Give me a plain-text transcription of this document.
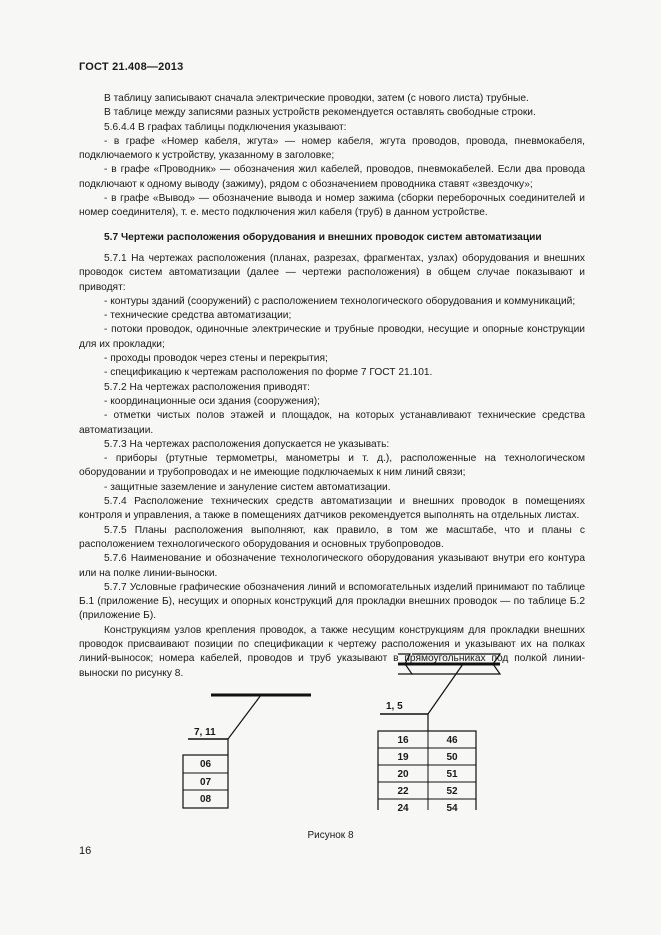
ГОСТ 21.408—2013

В таблицу записывают сначала электрические проводки, затем (с нового листа) трубные.

В таблице между записями разных устройств рекомендуется оставлять свободные строки.

5.6.4.4 В графах таблицы подключения указывают:

- в графе «Номер кабеля, жгута» — номер кабеля, жгута проводов, провода, пневмокабеля, подключаемого к устройству, указанному в заголовке;

- в графе «Проводник» — обозначения жил кабелей, проводов, пневмокабелей. Если два провода подключают к одному выводу (зажиму), рядом с обозначением проводника ставят «звездочку»;

- в графе «Вывод» — обозначение вывода и номер зажима (сборки переборочных соединителей и номер соединителя), т. е. место подключения жил кабеля (труб) в данном устройстве.

5.7 Чертежи расположения оборудования и внешних проводок систем автоматизации

5.7.1 На чертежах расположения (планах, разрезах, фрагментах, узлах) оборудования и внешних проводок систем автоматизации (далее — чертежи расположения) в общем случае показывают и приводят:

- контуры зданий (сооружений) с расположением технологического оборудования и коммуникаций;

- технические средства автоматизации;

- потоки проводок, одиночные электрические и трубные проводки, несущие и опорные конструкции для их прокладки;

- проходы проводок через стены и перекрытия;

- спецификацию к чертежам расположения по форме 7 ГОСТ 21.101.

5.7.2 На чертежах расположения приводят:

- координационные оси здания (сооружения);

- отметки чистых полов этажей и площадок, на которых устанавливают технические средства автоматизации.

5.7.3 На чертежах расположения допускается не указывать:

- приборы (ртутные термометры, манометры и т. д.), расположенные на технологическом оборудовании и трубопроводах и не имеющие подключаемых к ним линий связи;

- защитные заземление и зануление систем автоматизации.

5.7.4 Расположение технических средств автоматизации и внешних проводок в помещениях контроля и управления, а также в помещениях датчиков рекомендуется выполнять на отдельных листах.

5.7.5 Планы расположения выполняют, как правило, в том же масштабе, что и планы с расположением технологического оборудования и основных трубопроводов.

5.7.6 Наименование и обозначение технологического оборудования указывают внутри его контура или на полке линии-выноски.

5.7.7 Условные графические обозначения линий и вспомогательных изделий принимают по таблице Б.1 (приложение Б), несущих и опорных конструкций для прокладки внешних проводок — по таблице Б.2 (приложение Б).

Конструкциям узлов крепления проводок, а также несущим конструкциям для прокладки внешних проводок присваивают позиции по спецификации к чертежу расположения и указывают их на полках линий-выносок; номера кабелей, проводов и труб указывают в прямоугольниках под полкой линии-выноски по рисунку 8.

7, 11
06
07
08
1, 5
16	46
19	50
20	51
22	52
24	54
Рисунок 8
16
